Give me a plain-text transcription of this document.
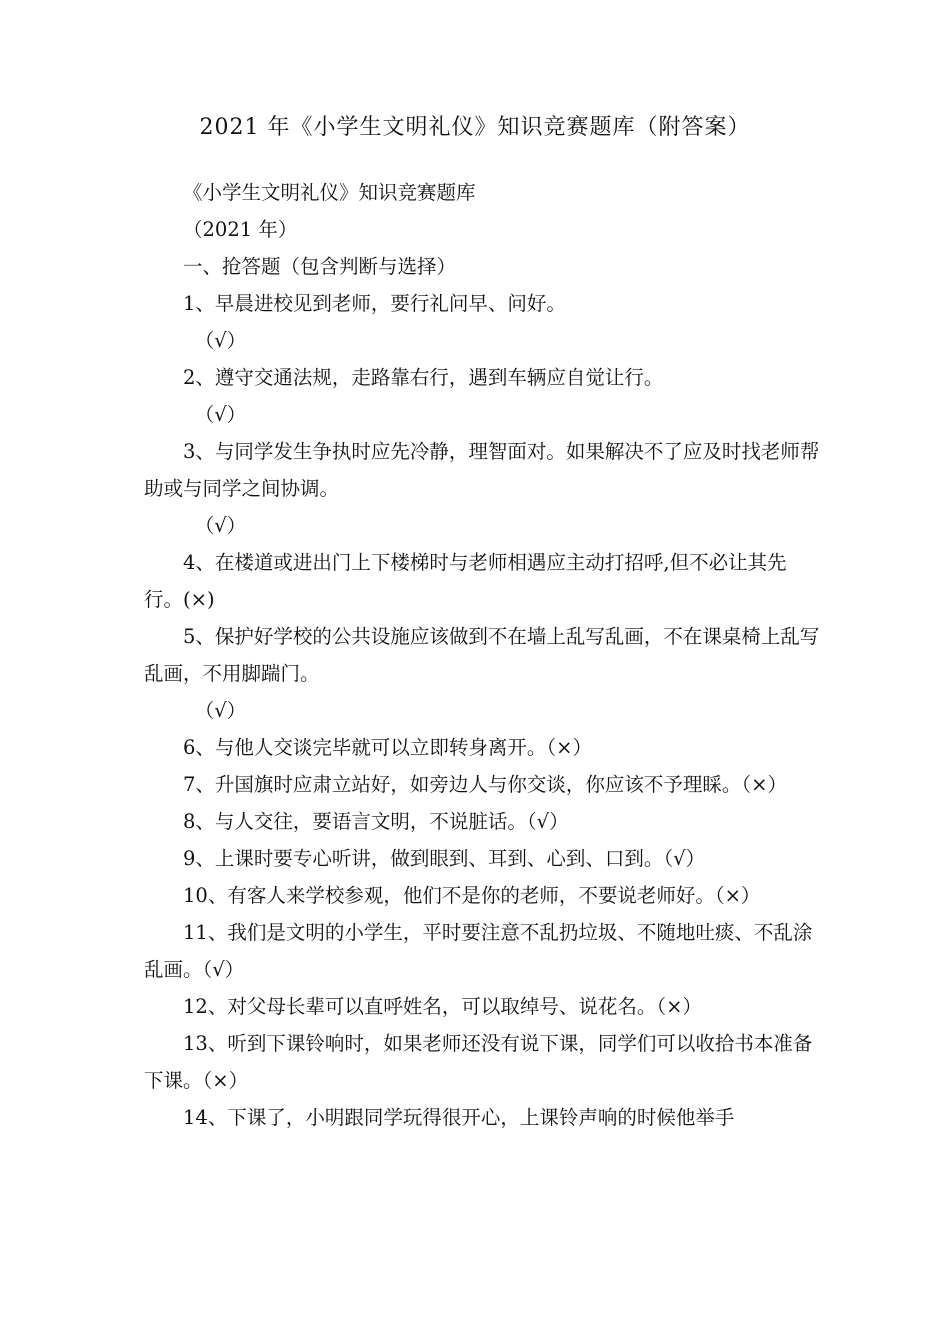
2021 年《小学生文明礼仪》知识竞赛题库（附答案）

《小学生文明礼仪》知识竞赛题库

（2021 年）

一、抢答题（包含判断与选择）

1、早晨进校见到老师，要行礼问早、问好。

（√）

2、遵守交通法规，走路靠右行，遇到车辆应自觉让行。

（√）

3、与同学发生争执时应先冷静，理智面对。如果解决不了应及时找老师帮助或与同学之间协调。

（√）

4、在楼道或进出门上下楼梯时与老师相遇应主动打招呼,但不必让其先行。(×)

5、保护好学校的公共设施应该做到不在墙上乱写乱画，不在课桌椅上乱写乱画，不用脚踹门。

（√）

6、与他人交谈完毕就可以立即转身离开。（×）

7、升国旗时应肃立站好，如旁边人与你交谈，你应该不予理睬。（×）

8、与人交往，要语言文明，不说脏话。（√）

9、上课时要专心听讲，做到眼到、耳到、心到、口到。（√）

10、有客人来学校参观，他们不是你的老师，不要说老师好。（×）

11、我们是文明的小学生，平时要注意不乱扔垃圾、不随地吐痰、不乱涂乱画。（√）

12、对父母长辈可以直呼姓名，可以取绰号、说花名。（×）

13、听到下课铃响时，如果老师还没有说下课，同学们可以收拾书本准备下课。（×）

14、下课了，小明跟同学玩得很开心，上课铃声响的时候他举手
